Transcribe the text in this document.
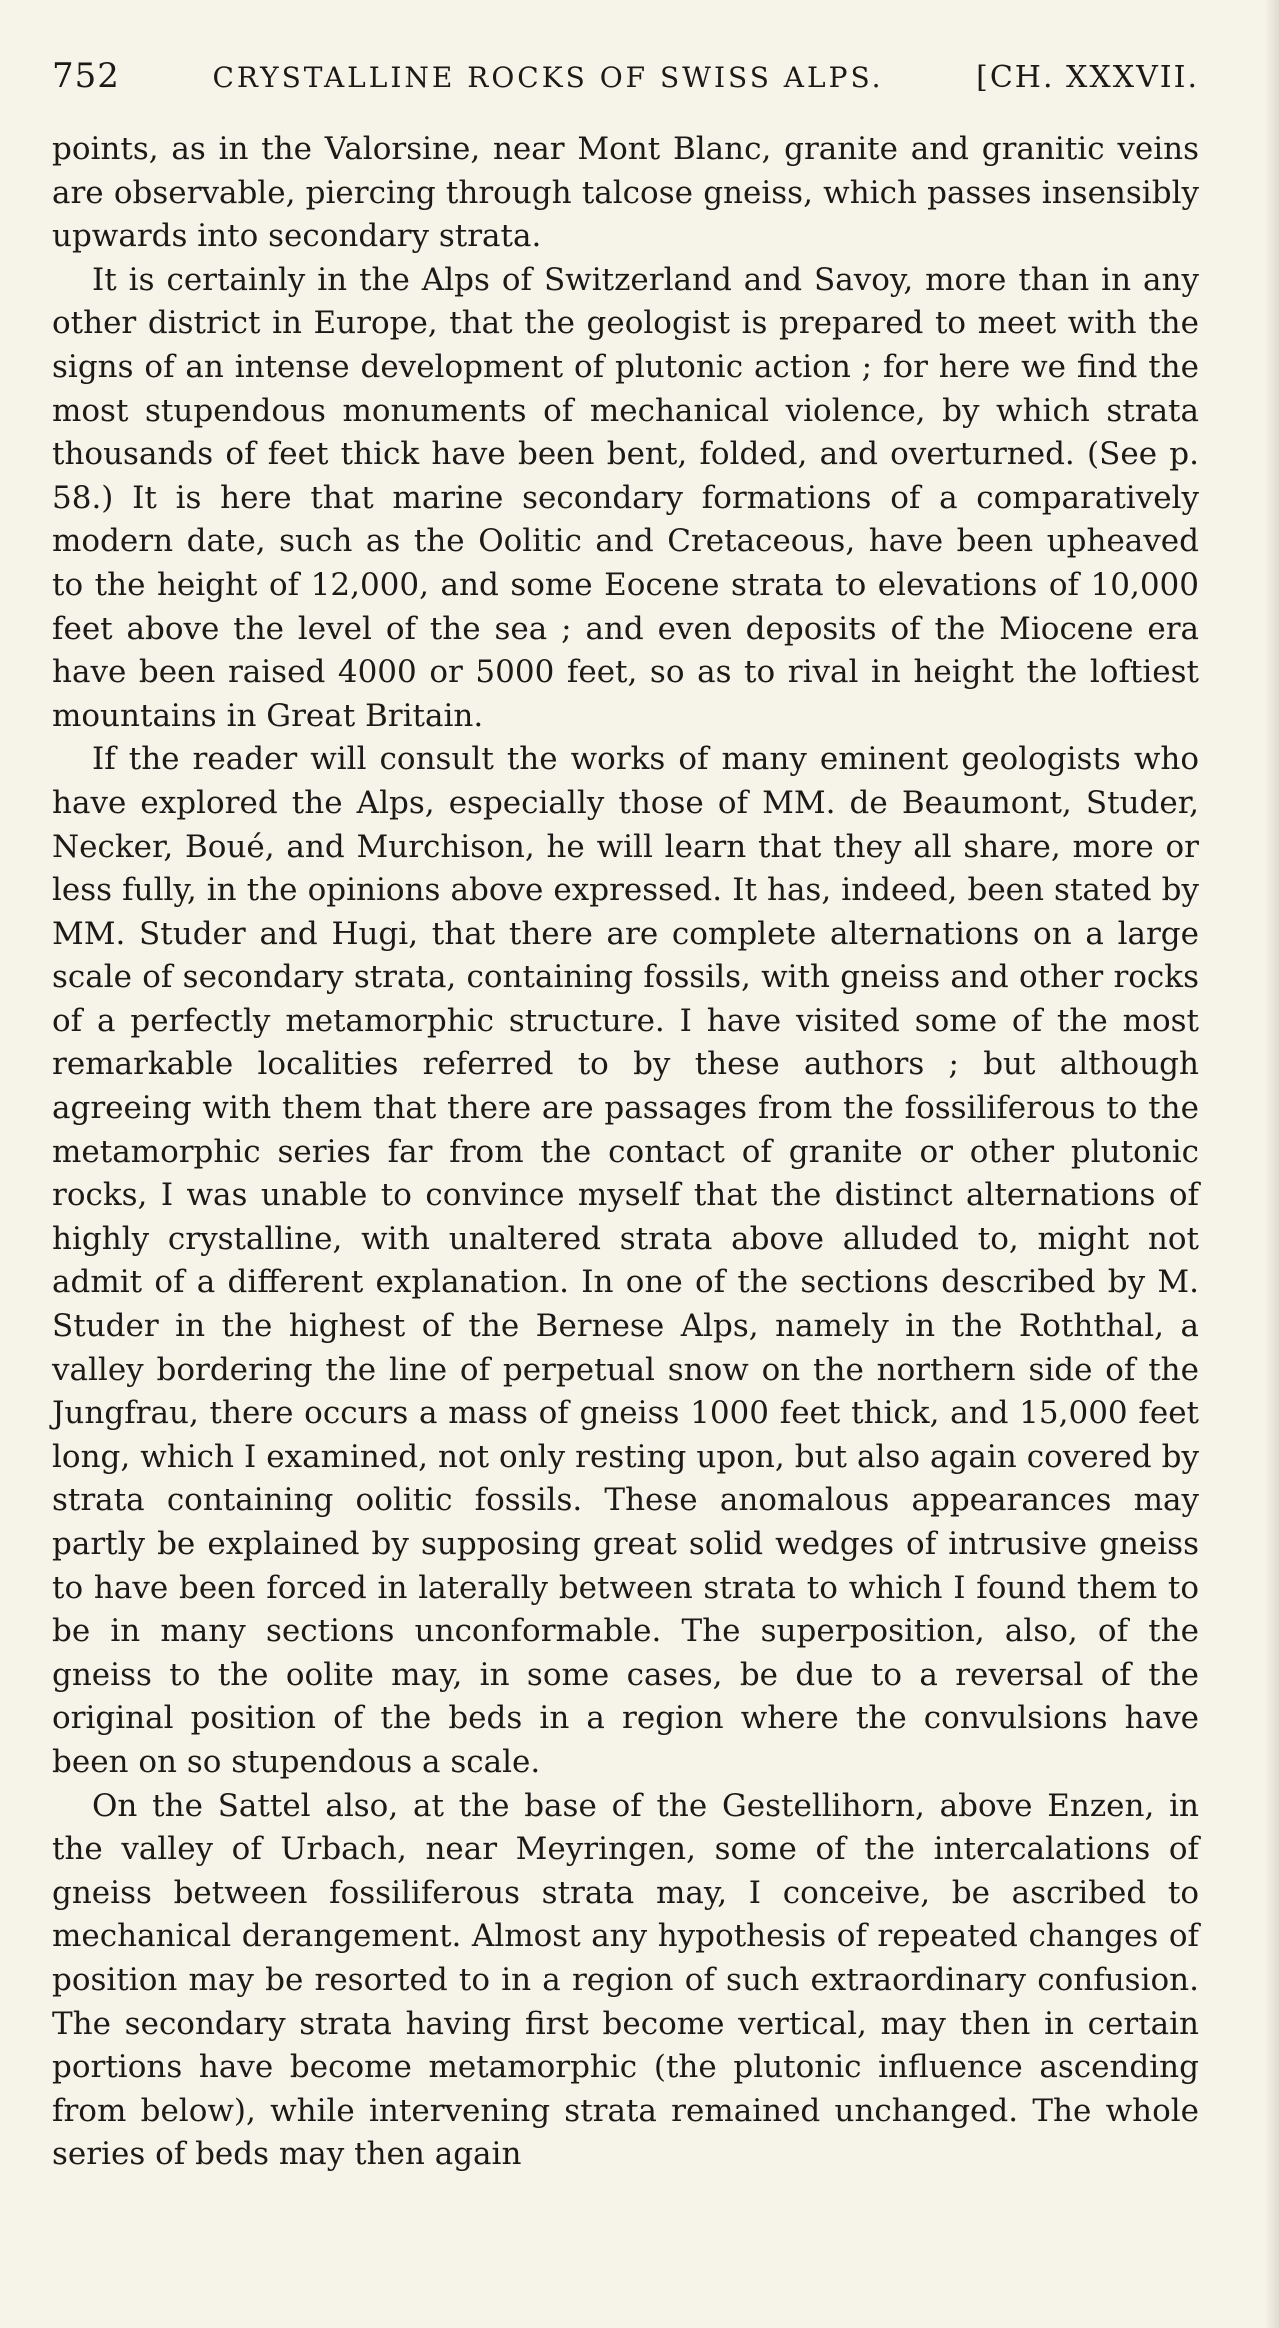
752	CRYSTALLINE ROCKS OF SWISS ALPS.	[CH. XXXVII.

points, as in the Valorsine, near Mont Blanc, granite and granitic veins are observable, piercing through talcose gneiss, which passes insensibly upwards into secondary strata.

It is certainly in the Alps of Switzerland and Savoy, more than in any other district in Europe, that the geologist is prepared to meet with the signs of an intense development of plutonic action ; for here we find the most stupendous monuments of mechanical violence, by which strata thousands of feet thick have been bent, folded, and overturned. (See p. 58.) It is here that marine secondary formations of a comparatively modern date, such as the Oolitic and Cretaceous, have been upheaved to the height of 12,000, and some Eocene strata to elevations of 10,000 feet above the level of the sea ; and even deposits of the Miocene era have been raised 4000 or 5000 feet, so as to rival in height the loftiest mountains in Great Britain.

If the reader will consult the works of many eminent geologists who have explored the Alps, especially those of MM. de Beaumont, Studer, Necker, Boué, and Murchison, he will learn that they all share, more or less fully, in the opinions above expressed. It has, indeed, been stated by MM. Studer and Hugi, that there are complete alternations on a large scale of secondary strata, containing fossils, with gneiss and other rocks of a perfectly metamorphic structure. I have visited some of the most remarkable localities referred to by these authors ; but although agreeing with them that there are passages from the fossiliferous to the metamorphic series far from the contact of granite or other plutonic rocks, I was unable to convince myself that the distinct alternations of highly crystalline, with unaltered strata above alluded to, might not admit of a different explanation. In one of the sections described by M. Studer in the highest of the Bernese Alps, namely in the Roththal, a valley bordering the line of perpetual snow on the northern side of the Jungfrau, there occurs a mass of gneiss 1000 feet thick, and 15,000 feet long, which I examined, not only resting upon, but also again covered by strata containing oolitic fossils. These anomalous appearances may partly be explained by supposing great solid wedges of intrusive gneiss to have been forced in laterally between strata to which I found them to be in many sections unconformable. The superposition, also, of the gneiss to the oolite may, in some cases, be due to a reversal of the original position of the beds in a region where the convulsions have been on so stupendous a scale.

On the Sattel also, at the base of the Gestellihorn, above Enzen, in the valley of Urbach, near Meyringen, some of the intercalations of gneiss between fossiliferous strata may, I conceive, be ascribed to mechanical derangement. Almost any hypothesis of repeated changes of position may be resorted to in a region of such extraordinary confusion. The secondary strata having first become vertical, may then in certain portions have become metamorphic (the plutonic influence ascending from below), while intervening strata remained unchanged. The whole series of beds may then again
